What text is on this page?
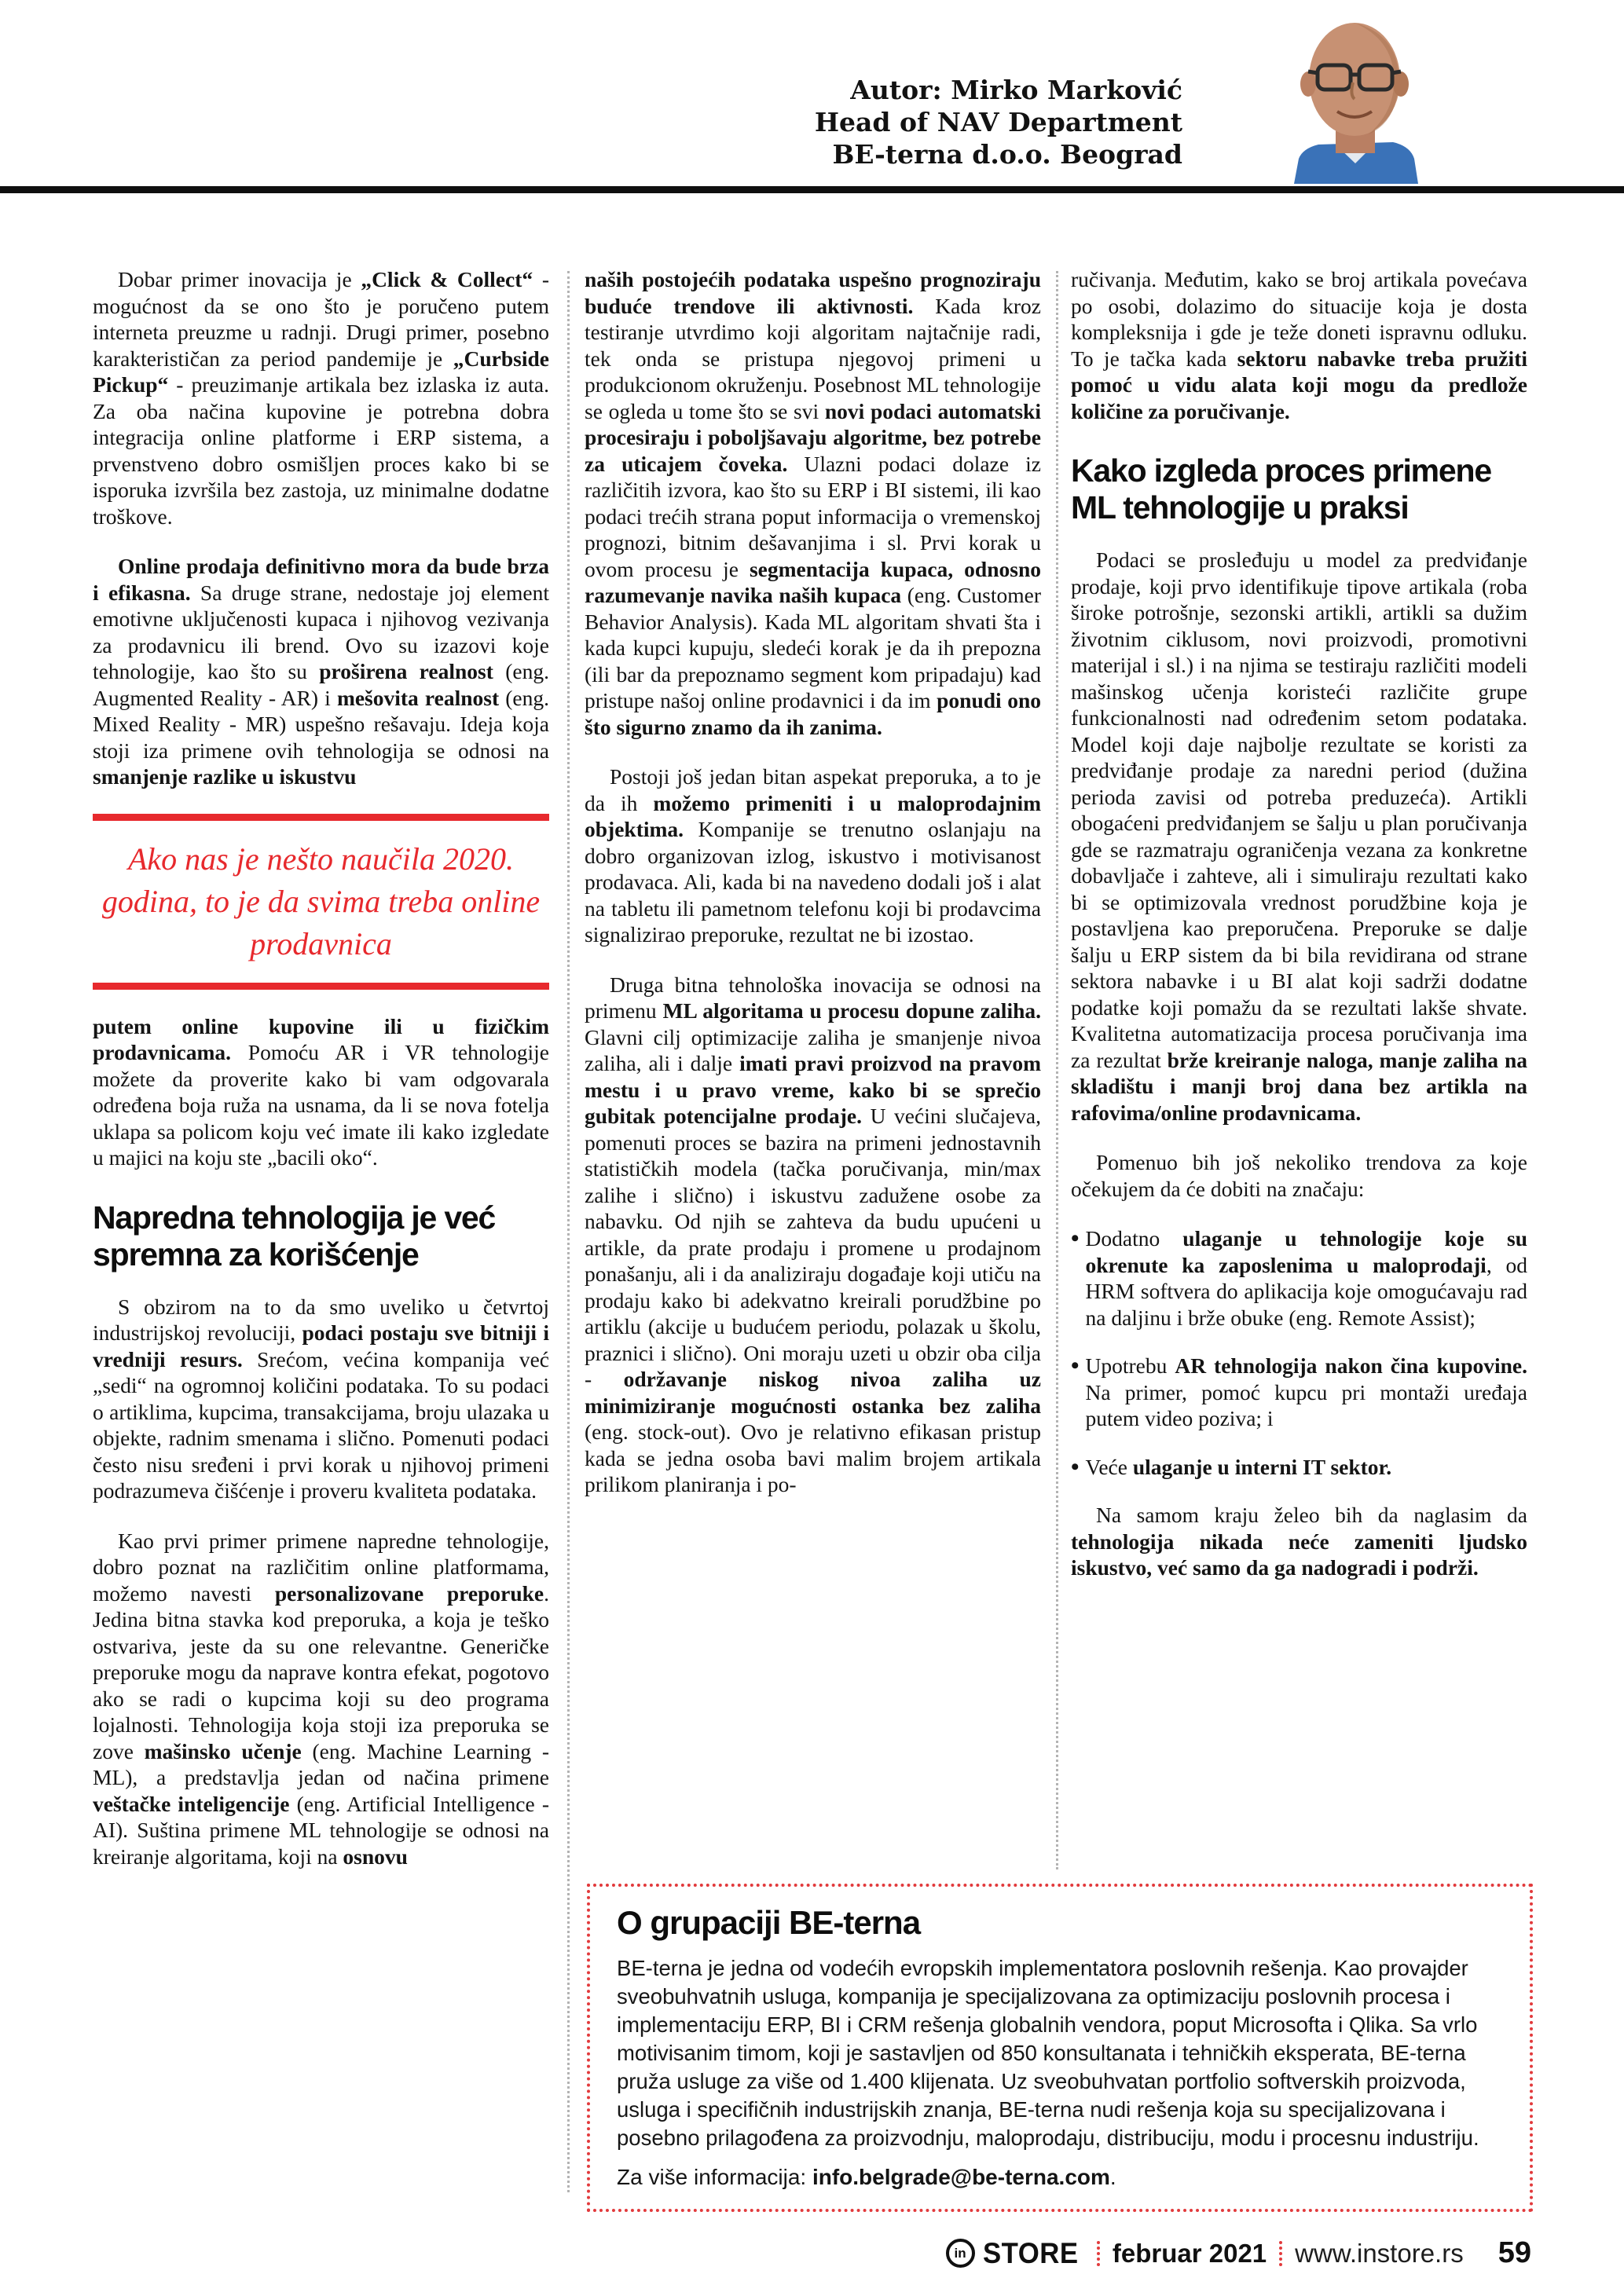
Autor: Mirko Marković
Head of NAV Department
BE-terna d.o.o. Beograd

Dobar primer inovacija je „Click & Collect“ - mogućnost da se ono što je poručeno putem interneta preuzme u radnji. Drugi primer, posebno karakterističan za period pandemije je „Curbside Pickup“ - preuzimanje artikala bez izlaska iz auta. Za oba načina kupovine je potrebna dobra integracija online platforme i ERP sistema, a prvenstveno dobro osmišljen proces kako bi se isporuka izvršila bez zastoja, uz minimalne dodatne troškove.

Online prodaja definitivno mora da bude brza i efikasna. Sa druge strane, nedostaje joj element emotivne uključenosti kupaca i njihovog vezivanja za prodavnicu ili brend. Ovo su izazovi koje tehnologije, kao što su proširena realnost (eng. Augmented Reality - AR) i mešovita realnost (eng. Mixed Reality - MR) uspešno rešavaju. Ideja koja stoji iza primene ovih tehnologija se odnosi na smanjenje razlike u iskustvu

Ako nas je nešto naučila 2020. godina, to je da svima treba online prodavnica

putem online kupovine ili u fizičkim prodavnicama. Pomoću AR i VR tehnologije možete da proverite kako bi vam odgovarala određena boja ruža na usnama, da li se nova fotelja uklapa sa policom koju već imate ili kako izgledate u majici na koju ste „bacili oko“.

Napredna tehnologija je već spremna za korišćenje

S obzirom na to da smo uveliko u četvrtoj industrijskoj revoluciji, podaci postaju sve bitniji i vredniji resurs. Srećom, većina kompanija već „sedi“ na ogromnoj količini podataka. To su podaci o artiklima, kupcima, transakcijama, broju ulazaka u objekte, radnim smenama i slično. Pomenuti podaci često nisu sređeni i prvi korak u njihovoj primeni podrazumeva čišćenje i proveru kvaliteta podataka.

Kao prvi primer primene napredne tehnologije, dobro poznat na različitim online platformama, možemo navesti personalizovane preporuke. Jedina bitna stavka kod preporuka, a koja je teško ostvariva, jeste da su one relevantne. Generičke preporuke mogu da naprave kontra efekat, pogotovo ako se radi o kupcima koji su deo programa lojalnosti. Tehnologija koja stoji iza preporuka se zove mašinsko učenje (eng. Machine Learning - ML), a predstavlja jedan od načina primene veštačke inteligencije (eng. Artificial Intelligence - AI). Suština primene ML tehnologije se odnosi na kreiranje algoritama, koji na osnovu

naših postojećih podataka uspešno prognoziraju buduće trendove ili aktivnosti. Kada kroz testiranje utvrdimo koji algoritam najtačnije radi, tek onda se pristupa njegovoj primeni u produkcionom okruženju. Posebnost ML tehnologije se ogleda u tome što se svi novi podaci automatski procesiraju i poboljšavaju algoritme, bez potrebe za uticajem čoveka. Ulazni podaci dolaze iz različitih izvora, kao što su ERP i BI sistemi, ili kao podaci trećih strana poput informacija o vremenskoj prognozi, bitnim dešavanjima i sl. Prvi korak u ovom procesu je segmentacija kupaca, odnosno razumevanje navika naših kupaca (eng. Customer Behavior Analysis). Kada ML algoritam shvati šta i kada kupci kupuju, sledeći korak je da ih prepozna (ili bar da prepoznamo segment kom pripadaju) kad pristupe našoj online prodavnici i da im ponudi ono što sigurno znamo da ih zanima.

Postoji još jedan bitan aspekat preporuka, a to je da ih možemo primeniti i u maloprodajnim objektima. Kompanije se trenutno oslanjaju na dobro organizovan izlog, iskustvo i motivisanost prodavaca. Ali, kada bi na navedeno dodali još i alat na tabletu ili pametnom telefonu koji bi prodavcima signalizirao preporuke, rezultat ne bi izostao.

Druga bitna tehnološka inovacija se odnosi na primenu ML algoritama u procesu dopune zaliha. Glavni cilj optimizacije zaliha je smanjenje nivoa zaliha, ali i dalje imati pravi proizvod na pravom mestu i u pravo vreme, kako bi se sprečio gubitak potencijalne prodaje. U većini slučajeva, pomenuti proces se bazira na primeni jednostavnih statističkih modela (tačka poručivanja, min/max zalihe i slično) i iskustvu zadužene osobe za nabavku. Od njih se zahteva da budu upućeni u artikle, da prate prodaju i promene u prodajnom ponašanju, ali i da analiziraju događaje koji utiču na prodaju kako bi adekvatno kreirali porudžbine po artiklu (akcije u budućem periodu, polazak u školu, praznici i slično). Oni moraju uzeti u obzir oba cilja - održavanje niskog nivoa zaliha uz minimiziranje mogućnosti ostanka bez zaliha (eng. stock-out). Ovo je relativno efikasan pristup kada se jedna osoba bavi malim brojem artikala prilikom planiranja i po-

ručivanja. Međutim, kako se broj artikala povećava po osobi, dolazimo do situacije koja je dosta kompleksnija i gde je teže doneti ispravnu odluku. To je tačka kada sektoru nabavke treba pružiti pomoć u vidu alata koji mogu da predlože količine za poručivanje.

Kako izgleda proces primene ML tehnologije u praksi

Podaci se prosleđuju u model za predviđanje prodaje, koji prvo identifikuje tipove artikala (roba široke potrošnje, sezonski artikli, artikli sa dužim životnim ciklusom, novi proizvodi, promotivni materijal i sl.) i na njima se testiraju različiti modeli mašinskog učenja koristeći različite grupe funkcionalnosti nad određenim setom podataka. Model koji daje najbolje rezultate se koristi za predviđanje prodaje za naredni period (dužina perioda zavisi od potreba preduzeća). Artikli obogaćeni predviđanjem se šalju u plan poručivanja gde se razmatraju ograničenja vezana za konkretne dobavljače i zahteve, ali i simuliraju rezultati kako bi se optimizovala vrednost porudžbine koja je postavljena kao preporučena. Preporuke se dalje šalju u ERP sistem da bi bila revidirana od strane sektora nabavke i u BI alat koji sadrži dodatne podatke koji pomažu da se rezultati lakše shvate. Kvalitetna automatizacija procesa poručivanja ima za rezultat brže kreiranje naloga, manje zaliha na skladištu i manji broj dana bez artikla na rafovima/online prodavnicama.

Pomenuo bih još nekoliko trendova za koje očekujem da će dobiti na značaju:

• Dodatno ulaganje u tehnologije koje su okrenute ka zaposlenima u maloprodaji, od HRM softvera do aplikacija koje omogućavaju rad na daljinu i brže obuke (eng. Remote Assist);

• Upotrebu AR tehnologija nakon čina kupovine. Na primer, pomoć kupcu pri montaži uređaja putem video poziva; i

• Veće ulaganje u interni IT sektor.

Na samom kraju želeo bih da naglasim da tehnologija nikada neće zameniti ljudsko iskustvo, već samo da ga nadogradi i podrži.

O grupaciji BE-terna

BE-terna je jedna od vodećih evropskih implementatora poslovnih rešenja. Kao provajder sveobuhvatnih usluga, kompanija je specijalizovana za optimizaciju poslovnih procesa i implementaciju ERP, BI i CRM rešenja globalnih vendora, poput Microsofta i Qlika. Sa vrlo motivisanim timom, koji je sastavljen od 850 konsultanata i tehničkih eksperata, BE-terna pruža usluge za više od 1.400 klijenata. Uz sveobuhvatan portfolio softverskih proizvoda, usluga i specifičnih industrijskih znanja, BE-terna nudi rešenja koja su specijalizovana i posebno prilagođena za proizvodnju, maloprodaju, distribuciju, modu i procesnu industriju.

Za više informacija: info.belgrade@be-terna.com.

in STORE februar 2021 www.instore.rs 59
